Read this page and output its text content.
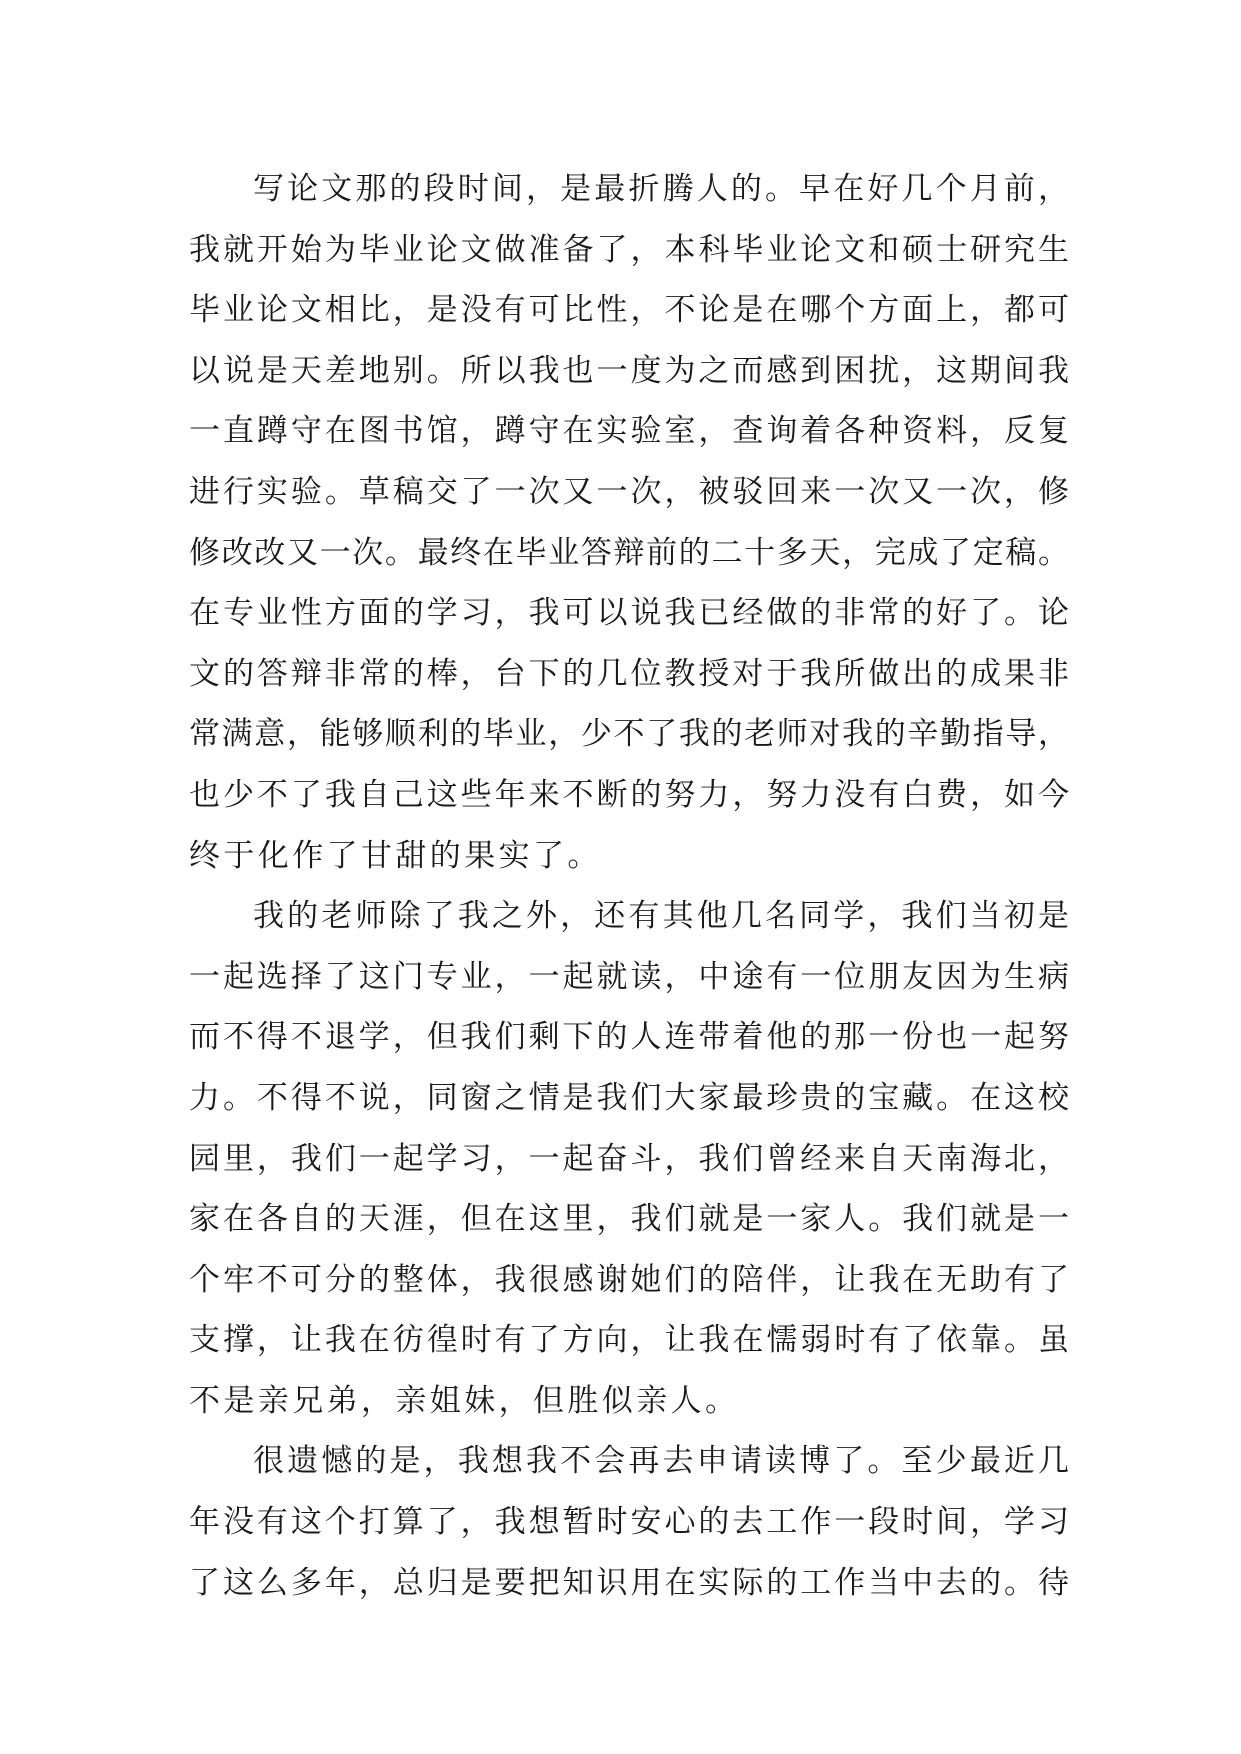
写论文那的段时间，是最折腾人的。早在好几个月前，
我就开始为毕业论文做准备了，本科毕业论文和硕士研究生
毕业论文相比，是没有可比性，不论是在哪个方面上，都可
以说是天差地别。所以我也一度为之而感到困扰，这期间我
一直蹲守在图书馆，蹲守在实验室，查询着各种资料，反复
进行实验。草稿交了一次又一次，被驳回来一次又一次，修
修改改又一次。最终在毕业答辩前的二十多天，完成了定稿。
在专业性方面的学习，我可以说我已经做的非常的好了。论
文的答辩非常的棒，台下的几位教授对于我所做出的成果非
常满意，能够顺利的毕业，少不了我的老师对我的辛勤指导，
也少不了我自己这些年来不断的努力，努力没有白费，如今
终于化作了甘甜的果实了。
我的老师除了我之外，还有其他几名同学，我们当初是
一起选择了这门专业，一起就读，中途有一位朋友因为生病
而不得不退学，但我们剩下的人连带着他的那一份也一起努
力。不得不说，同窗之情是我们大家最珍贵的宝藏。在这校
园里，我们一起学习，一起奋斗，我们曾经来自天南海北，
家在各自的天涯，但在这里，我们就是一家人。我们就是一
个牢不可分的整体，我很感谢她们的陪伴，让我在无助有了
支撑，让我在彷徨时有了方向，让我在懦弱时有了依靠。虽
不是亲兄弟，亲姐妹，但胜似亲人。
很遗憾的是，我想我不会再去申请读博了。至少最近几
年没有这个打算了，我想暂时安心的去工作一段时间，学习
了这么多年，总归是要把知识用在实际的工作当中去的。待
